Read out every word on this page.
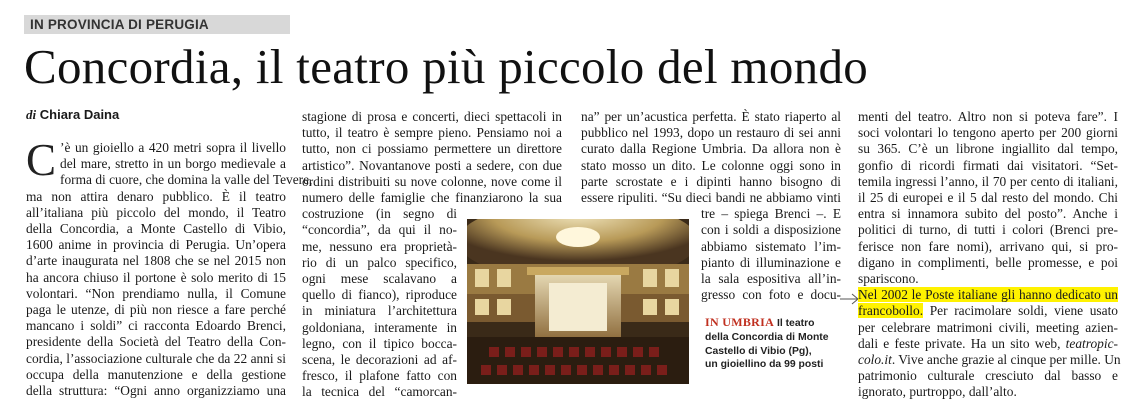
IN PROVINCIA DI PERUGIA
Concordia, il teatro più piccolo del mondo
di Chiara Daina
C ’è un gioiello a 420 metri sopra il livello
del mare, stretto in un borgo medievale a
forma di cuore, che domina la valle del Tevere,
ma non attira denaro pubblico. È il teatro
all’italiana più piccolo del mondo, il Teatro
della Concordia, a Monte Castello di Vibio,
1600 anime in provincia di Perugia. Un’opera
d’arte inaugurata nel 1808 che se nel 2015 non
ha ancora chiuso il portone è solo merito di 15
volontari. “Non prendiamo nulla, il Comune
paga le utenze, di più non riesce a fare perché
mancano i soldi” ci racconta Edoardo Brenci,
presidente della Società del Teatro della Con-
cordia, l’associazione culturale che da 22 anni si
occupa della manutenzione e della gestione
della struttura: “Ogni anno organizziamo una
stagione di prosa e concerti, dieci spettacoli in
tutto, il teatro è sempre pieno. Pensiamo noi a
tutto, non ci possiamo permettere un direttore
artistico”. Novantanove posti a sedere, con due
ordini distribuiti su nove colonne, nove come il
numero delle famiglie che finanziarono la sua
costruzione (in segno di
“concordia”, da qui il no-
me, nessuno era proprietà-
rio di un palco specifico,
ogni mese scalavano a
quello di fianco), riproduce
in miniatura l’architettura
goldoniana, interamente in
legno, con il tipico bocca-
scena, le decorazioni ad af-
fresco, il plafone fatto con
la tecnica del “camorcan-
na” per un’acustica perfetta. È stato riaperto al
pubblico nel 1993, dopo un restauro di sei anni
curato dalla Regione Umbria. Da allora non è
stato mosso un dito. Le colonne oggi sono in
parte scrostate e i dipinti hanno bisogno di
essere ripuliti. “Su dieci bandi ne abbiamo vinti
tre – spiega Brenci –. E
con i soldi a disposizione
abbiamo sistemato l’im-
pianto di illuminazione e
la sala espositiva all’in-
gresso con foto e docu-
IN UMBRIA Il teatro
della Concordia di Monte
Castello di Vibio (Pg),
un gioiellino da 99 posti
menti del teatro. Altro non si poteva fare”. I
soci volontari lo tengono aperto per 200 giorni
su 365. C’è un librone ingiallito dal tempo,
gonfio di ricordi firmati dai visitatori. “Set-
temila ingressi l’anno, il 70 per cento di italiani,
il 25 di europei e il 5 dal resto del mondo. Chi
entra si innamora subito del posto”. Anche i
politici di turno, di tutti i colori (Brenci pre-
ferisce non fare nomi), arrivano qui, si pro-
digano in complimenti, belle promesse, e poi
spariscono.
Nel 2002 le Poste italiane gli hanno dedicato un
francobollo. Per racimolare soldi, viene usato
per celebrare matrimoni civili, meeting azien-
dali e feste private. Ha un sito web, teatropic-
colo.it. Vive anche grazie al cinque per mille. Un
patrimonio culturale cresciuto dal basso e
ignorato, purtroppo, dall’alto.
